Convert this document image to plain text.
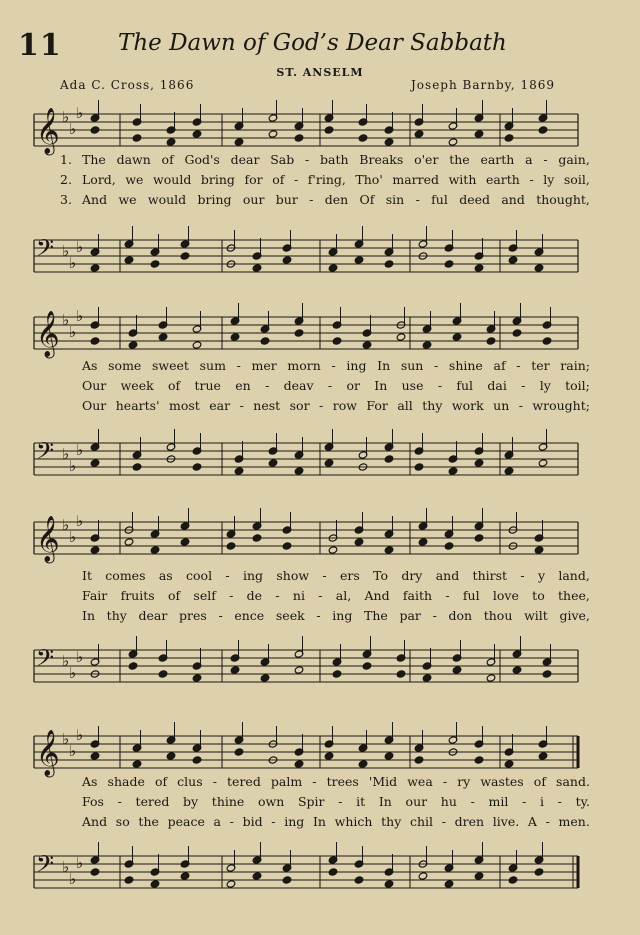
11 The Dawn of God’s Dear Sabbath
ST. ANSELM
Ada C. Cross, 1866	Joseph Barnby, 1869
𝄞 ♭
♭
♭
1. The dawn of God's dear Sab - bath Breaks o'er the earth a - gain,
2. Lord, we would bring for of - f'ring, Tho' marred with earth - ly soil,
3. And we would bring our bur - den Of sin - ful deed and thought,
𝄢 ♭
♭
♭
𝄞 ♭
♭
♭
As some sweet sum - mer morn - ing In sun - shine af - ter rain;
Our week of true en - deav - or In use - ful dai - ly toil;
Our hearts' most ear - nest sor - row For all thy work un - wrought;
𝄢 ♭
♭
♭
𝄞 ♭
♭
♭
It comes as cool - ing show - ers To dry and thirst - y land,
Fair fruits of self - de - ni - al, And faith - ful love to thee,
In thy dear pres - ence seek - ing The par - don thou wilt give,
𝄢 ♭
♭
♭
𝄞 ♭
♭
♭
As shade of clus - tered palm - trees 'Mid wea - ry wastes of sand.
Fos - tered by thine own Spir - it In our hu - mil - i - ty.
And so the peace a - bid - ing In which thy chil - dren live. A - men.
𝄢 ♭
♭
♭
